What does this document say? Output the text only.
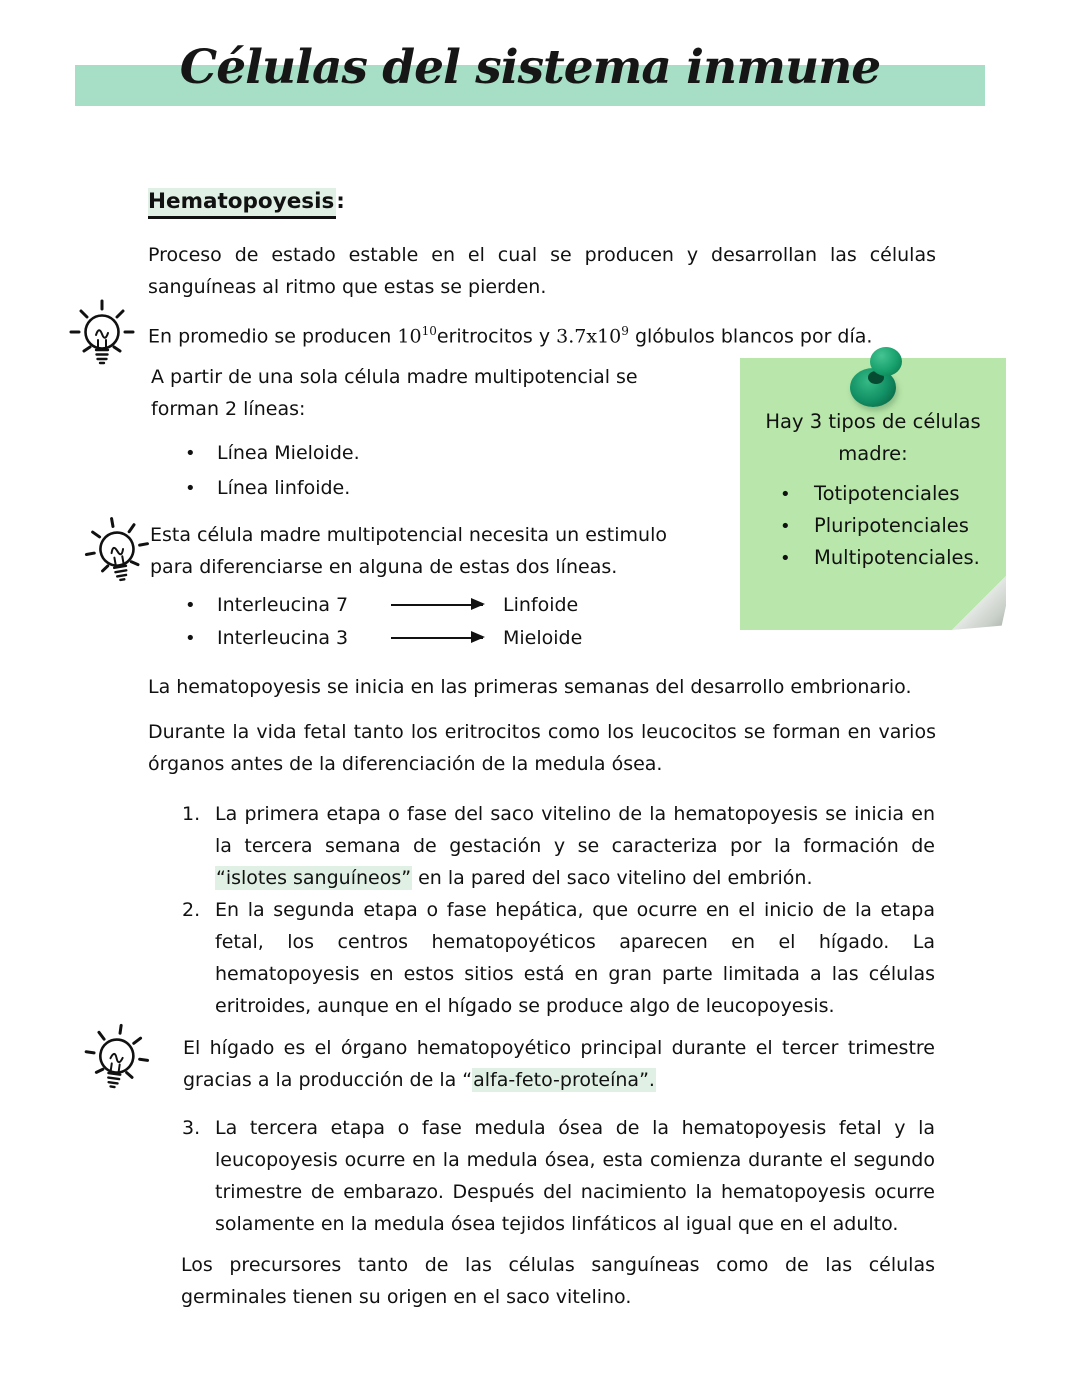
Células del sistema inmune
Hematopoyesis:
Proceso de estado estable en el cual se producen y desarrollan las células sanguíneas al ritmo que estas se pierden.
En promedio se producen $10^{10}eritrocitos$ y $3.7x10^9$ glóbulos blancos por día.
A partir de una sola célula madre multipotencial se forman 2 líneas:
• Línea Mieloide.
• Línea linfoide.
Esta célula madre multipotencial necesita un estimulo para diferenciarse en alguna de estas dos líneas.
• Interleucina 7	Linfoide
• Interleucina 3	Mieloide
Hay 3 tipos de células madre:
• Totipotenciales
• Pluripotenciales
• Multipotenciales.
La hematopoyesis se inicia en las primeras semanas del desarrollo embrionario.
Durante la vida fetal tanto los eritrocitos como los leucocitos se forman en varios órganos antes de la diferenciación de la medula ósea.
1. La primera etapa o fase del saco vitelino de la hematopoyesis se inicia en la tercera semana de gestación y se caracteriza por la formación de “islotes sanguíneos” en la pared del saco vitelino del embrión.
2. En la segunda etapa o fase hepática, que ocurre en el inicio de la etapa fetal, los centros hematopoyéticos aparecen en el hígado. La hematopoyesis en estos sitios está en gran parte limitada a las células eritroides, aunque en el hígado se produce algo de leucopoyesis.
El hígado es el órgano hematopoyético principal durante el tercer trimestre gracias a la producción de la “alfa-feto-proteína”.
3. La tercera etapa o fase medula ósea de la hematopoyesis fetal y la leucopoyesis ocurre en la medula ósea, esta comienza durante el segundo trimestre de embarazo. Después del nacimiento la hematopoyesis ocurre solamente en la medula ósea tejidos linfáticos al igual que en el adulto.
Los precursores tanto de las células sanguíneas como de las células germinales tienen su origen en el saco vitelino.
